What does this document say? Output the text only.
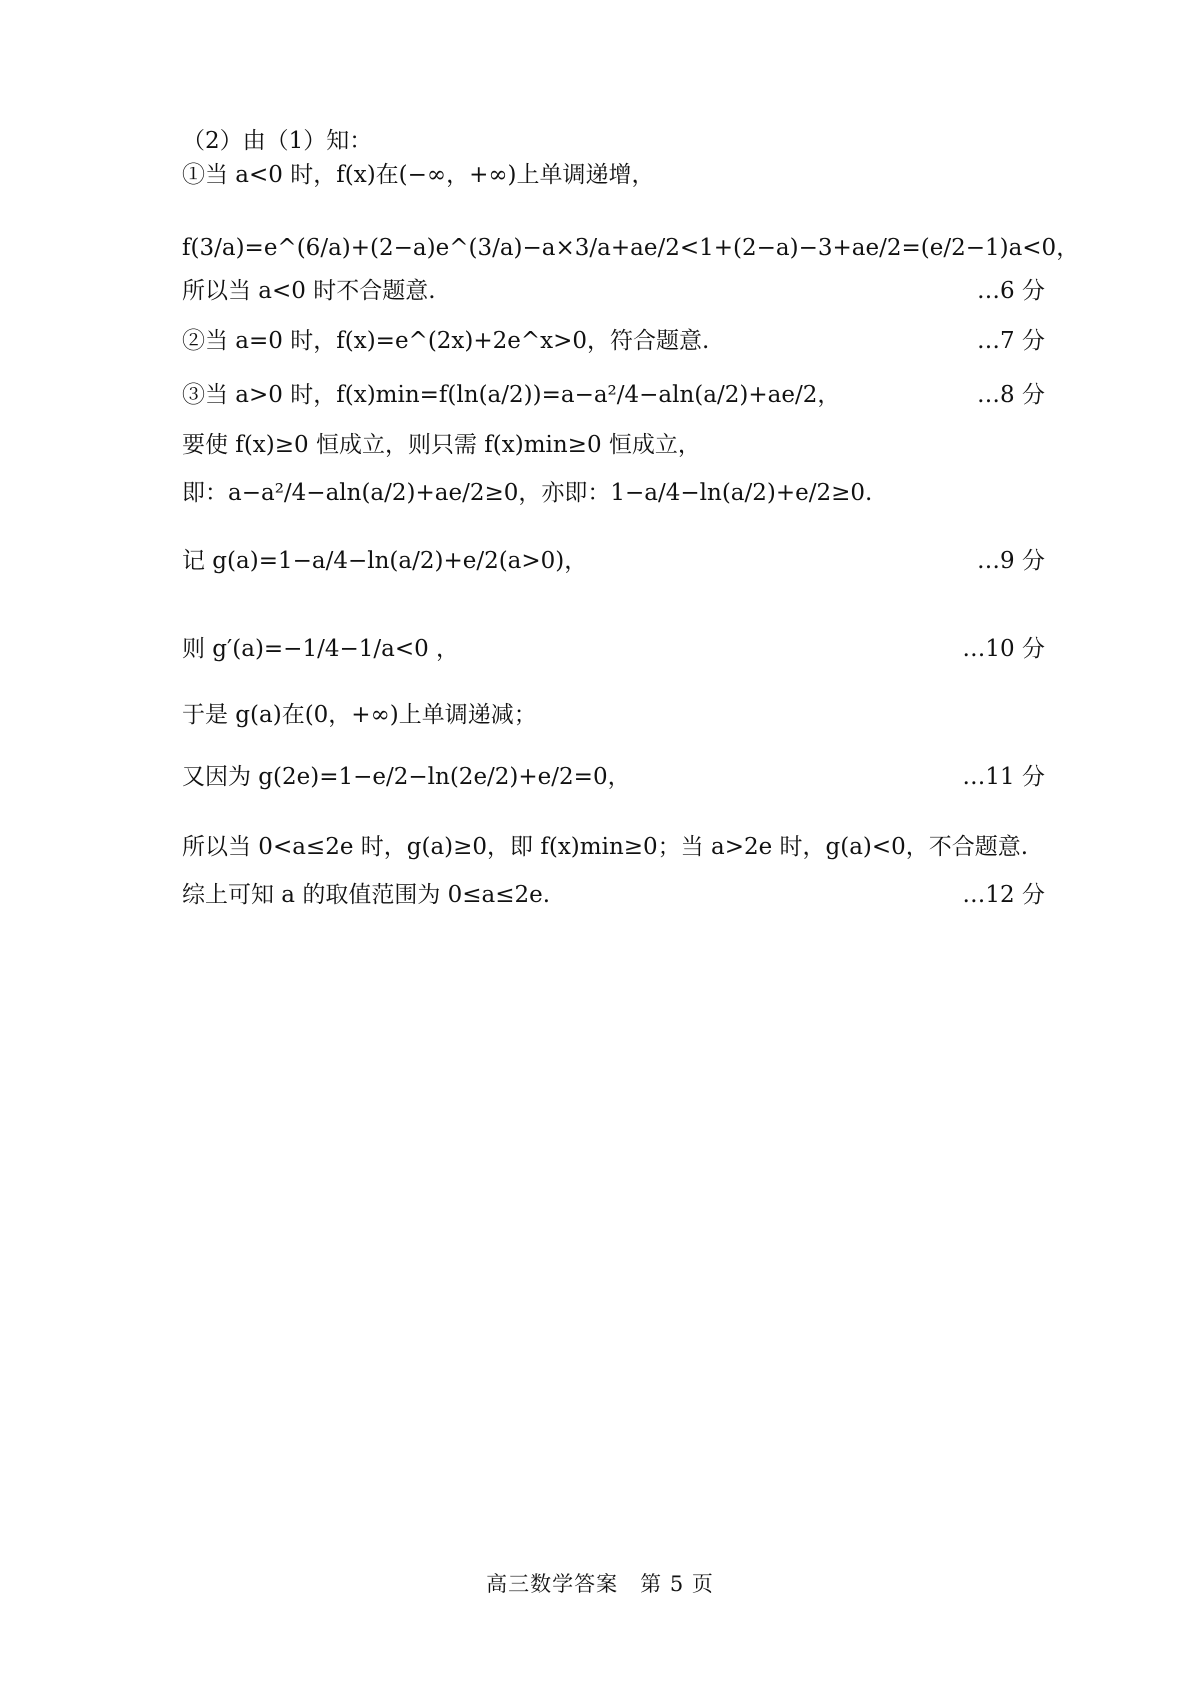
（2）由（1）知：
①当 a<0 时，f(x)在(−∞，+∞)上单调递增，
f(3/a)=e^(6/a)+(2−a)e^(3/a)−a×3/a+ae/2<1+(2−a)−3+ae/2=(e/2−1)a<0，
所以当 a<0 时不合题意.	…6 分
②当 a=0 时，f(x)=e^(2x)+2e^x>0，符合题意.	…7 分
③当 a>0 时，f(x)min=f(ln(a/2))=a−a²/4−aln(a/2)+ae/2，	…8 分
要使 f(x)≥0 恒成立，则只需 f(x)min≥0 恒成立，
即：a−a²/4−aln(a/2)+ae/2≥0，亦即：1−a/4−ln(a/2)+e/2≥0.
记 g(a)=1−a/4−ln(a/2)+e/2(a>0)，	…9 分
则 g′(a)=−1/4−1/a<0 ，	…10 分
于是 g(a)在(0，+∞)上单调递减；
又因为 g(2e)=1−e/2−ln(2e/2)+e/2=0，	…11 分
所以当 0<a≤2e 时，g(a)≥0，即 f(x)min≥0；当 a>2e 时，g(a)<0，不合题意.
综上可知 a 的取值范围为 0≤a≤2e.	…12 分
高三数学答案　第 5 页
